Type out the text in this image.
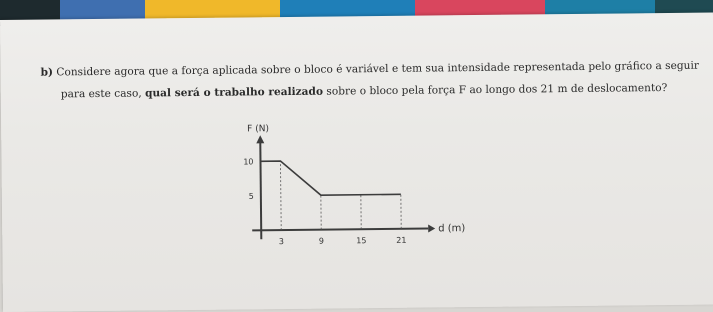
b) Considere agora que a força aplicada sobre o bloco é variável e tem sua intensidade representada pelo gráfico a seguir
para este caso, qual será o trabalho realizado sobre o bloco pela força F ao longo dos 21 m de deslocamento?
3	9	15	21
5
10
F (N)
d (m)
